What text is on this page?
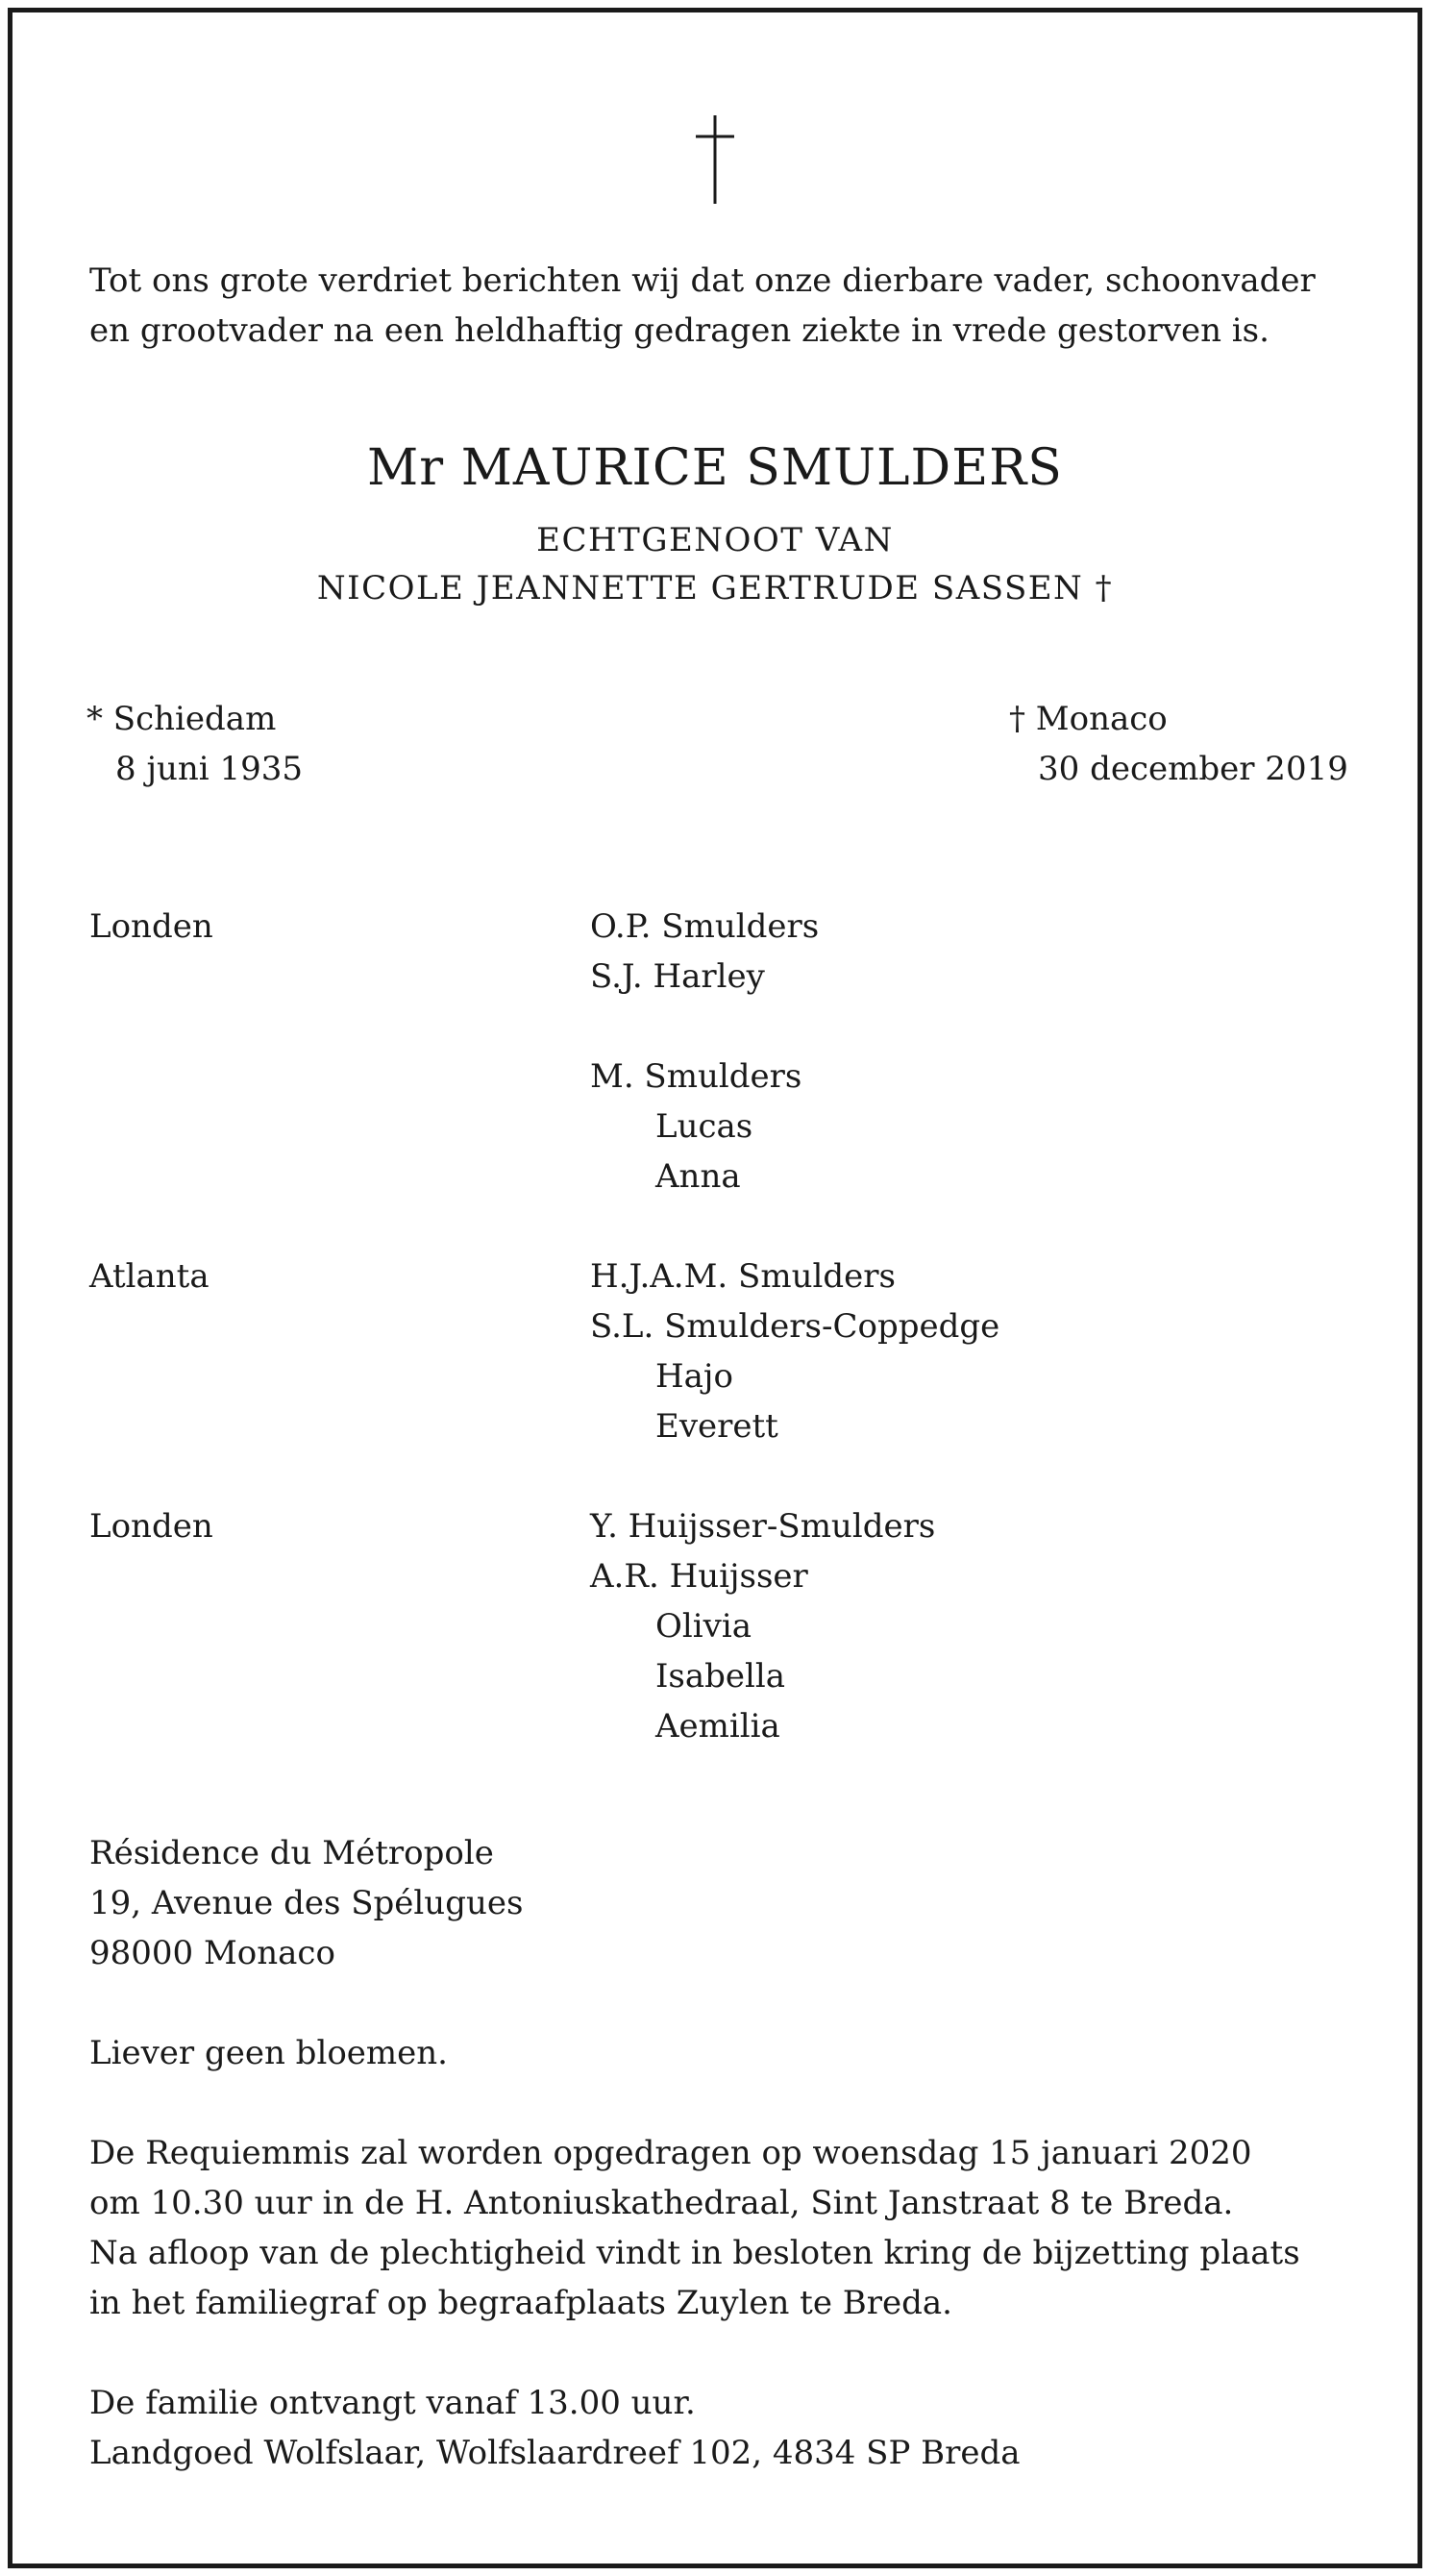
Tot ons grote verdriet berichten wij dat onze dierbare vader, schoonvader

en grootvader na een heldhaftig gedragen ziekte in vrede gestorven is.

Mr MAURICE SMULDERS

ECHTGENOOT VAN

NICOLE JEANNETTE GERTRUDE SASSEN †

* Schiedam

8 juni 1935

† Monaco

30 december 2019

Londen

Atlanta

Londen

O.P. Smulders

S.J. Harley

M. Smulders

Lucas

Anna

H.J.A.M. Smulders

S.L. Smulders-Coppedge

Hajo

Everett

Y. Huijsser-Smulders

A.R. Huijsser

Olivia

Isabella

Aemilia

Résidence du Métropole

19, Avenue des Spélugues

98000 Monaco

Liever geen bloemen.

De Requiemmis zal worden opgedragen op woensdag 15 januari 2020

om 10.30 uur in de H. Antoniuskathedraal, Sint Janstraat 8 te Breda.

Na afloop van de plechtigheid vindt in besloten kring de bijzetting plaats

in het familiegraf op begraafplaats Zuylen te Breda.

De familie ontvangt vanaf 13.00 uur.

Landgoed Wolfslaar, Wolfslaardreef 102, 4834 SP Breda
